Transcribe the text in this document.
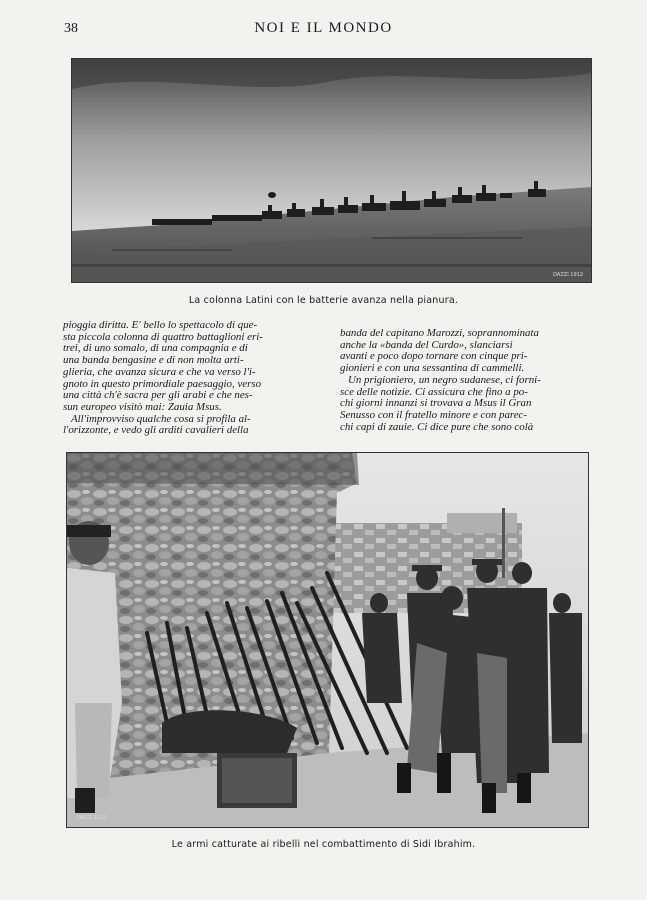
38	NOI E IL MONDO
DAZZI 1912
La colonna Latini con le batterie avanza nella pianura.

pioggia diritta. E' bello lo spettacolo di que-
sta piccola colonna di quattro battaglioni eri-
trei, di uno somalo, di una compagnia e di
una banda bengasine e di non molta arti-
glieria, che avanza sicura e che va verso l'i-
gnoto in questo primordiale paesaggio, verso
una città ch'è sacra per gli arabi e che nes-
sun europeo visitò mai: Zauia Msus.
All'improvviso qualche cosa si profila al-
l'orizzonte, e vedo gli arditi cavalieri della

banda del capitano Marozzi, soprannominata
anche la «banda del Curdo», slanciarsi
avanti e poco dopo tornare con cinque pri-
gionieri e con una sessantina di cammelli.
Un prigioniero, un negro sudanese, ci forni-
sce delle notizie. Ci assicura che fino a po-
chi giorni innanzi si trovava a Msus il Gran
Senusso con il fratello minore e con parec-
chi capi di zauie. Ci dice pure che sono colà

DAZZI 1912
Le armi catturate ai ribelli nel combattimento di Sidi Ibrahim.
